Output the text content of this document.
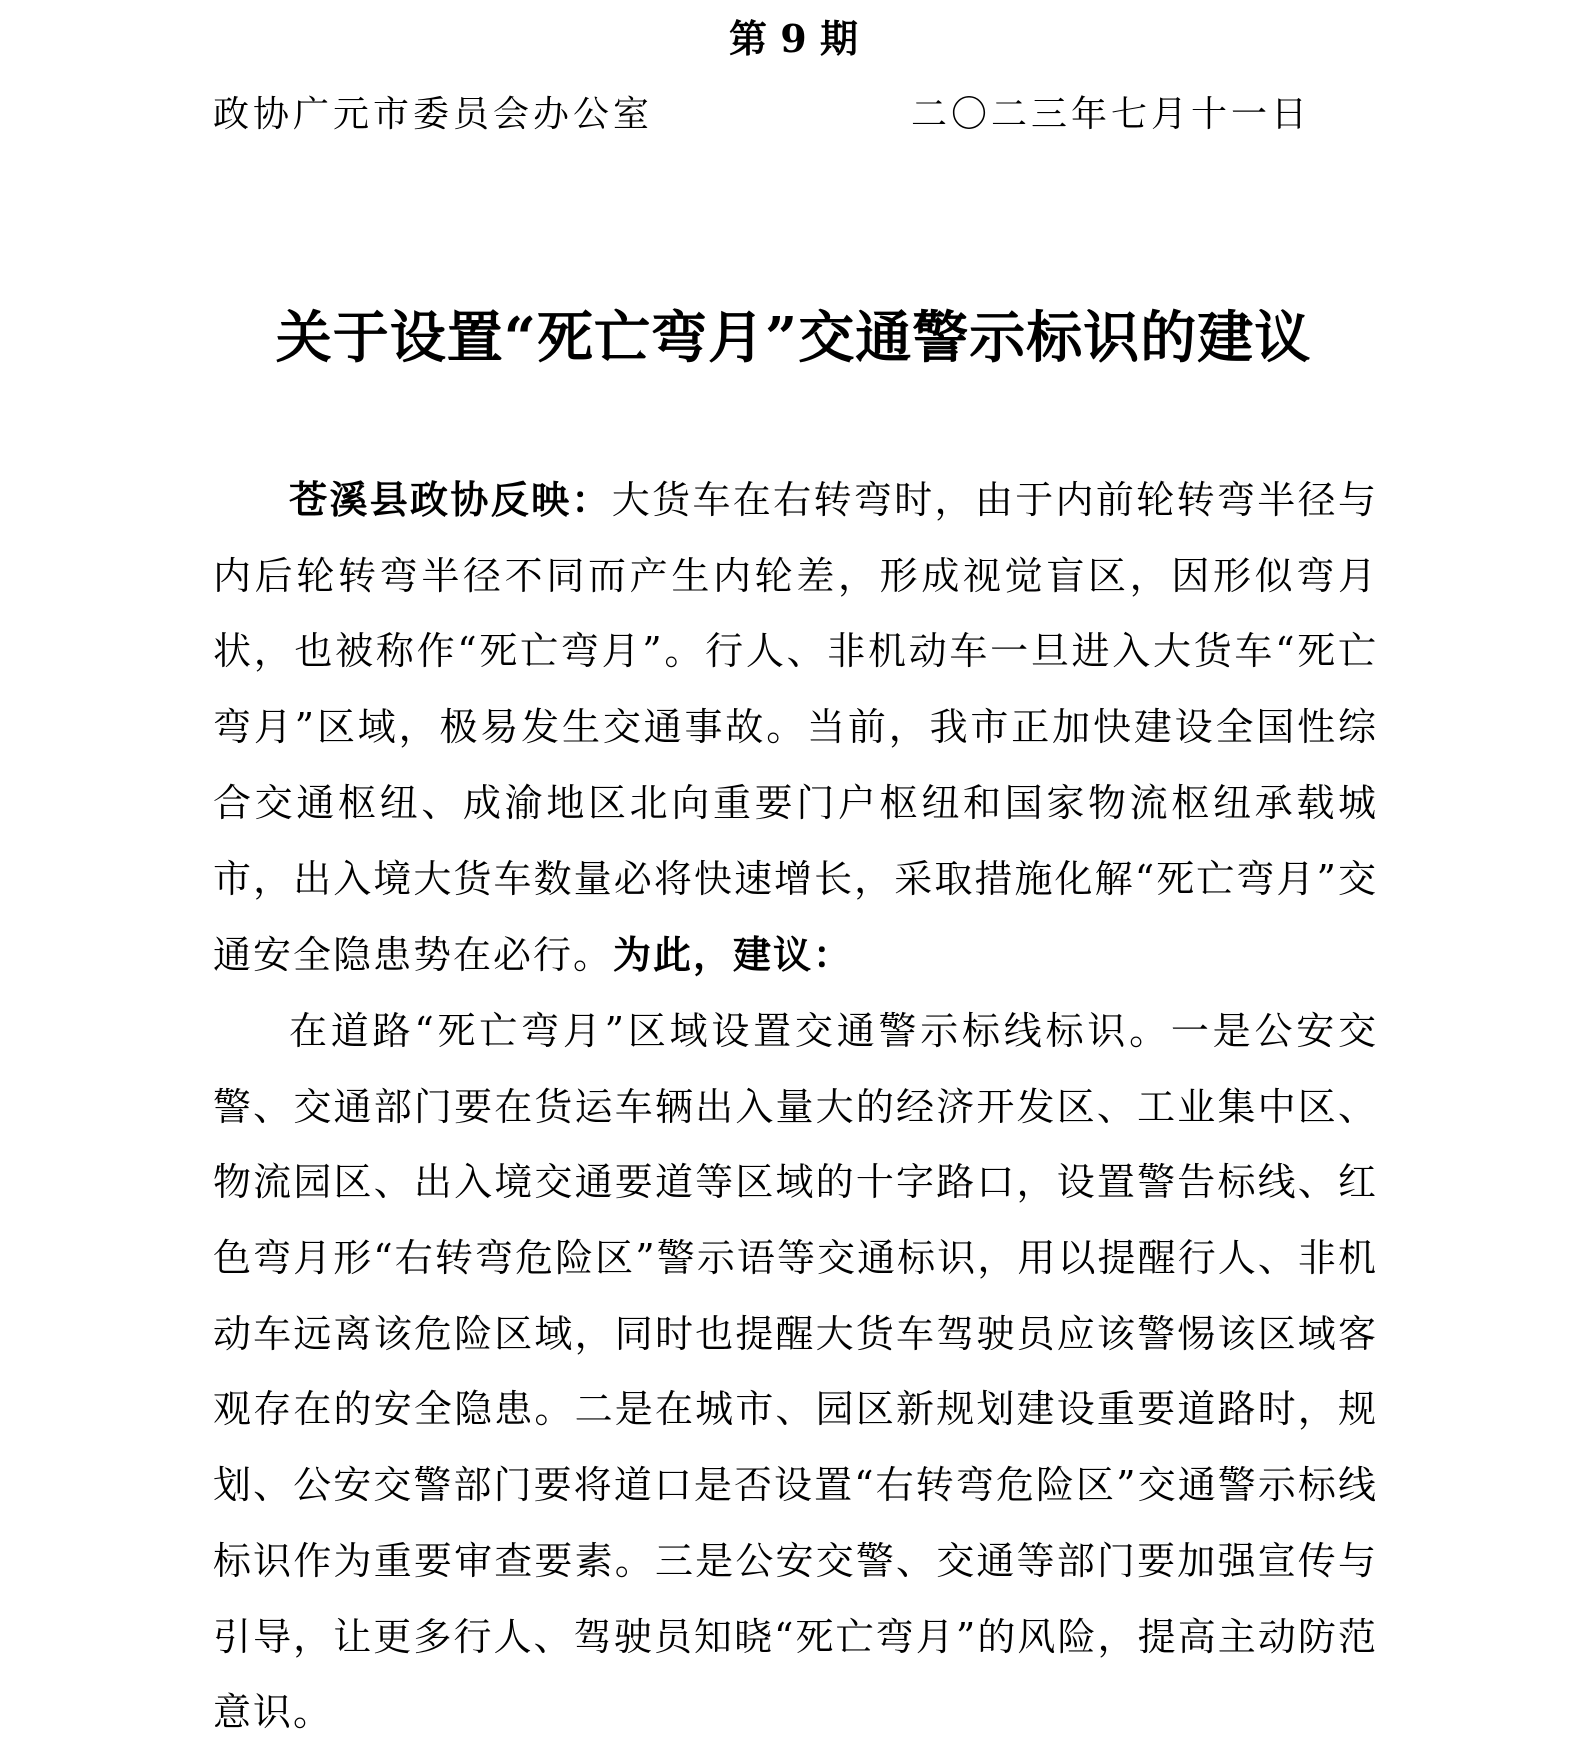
第 9 期
政协广元市委员会办公室	二〇二三年七月十一日
关于设置“死亡弯月”交通警示标识的建议

苍溪县政协反映：大货车在右转弯时，由于内前轮转弯半径与内后轮转弯半径不同而产生内轮差，形成视觉盲区，因形似弯月状，也被称作“死亡弯月”。行人、非机动车一旦进入大货车“死亡弯月”区域，极易发生交通事故。当前，我市正加快建设全国性综合交通枢纽、成渝地区北向重要门户枢纽和国家物流枢纽承载城市，出入境大货车数量必将快速增长，采取措施化解“死亡弯月”交通安全隐患势在必行。为此，建议：

在道路“死亡弯月”区域设置交通警示标线标识。一是公安交警、交通部门要在货运车辆出入量大的经济开发区、工业集中区、物流园区、出入境交通要道等区域的十字路口，设置警告标线、红色弯月形“右转弯危险区”警示语等交通标识，用以提醒行人、非机动车远离该危险区域，同时也提醒大货车驾驶员应该警惕该区域客观存在的安全隐患。二是在城市、园区新规划建设重要道路时，规划、公安交警部门要将道口是否设置“右转弯危险区”交通警示标线标识作为重要审查要素。三是公安交警、交通等部门要加强宣传与引导，让更多行人、驾驶员知晓“死亡弯月”的风险，提高主动防范意识。
